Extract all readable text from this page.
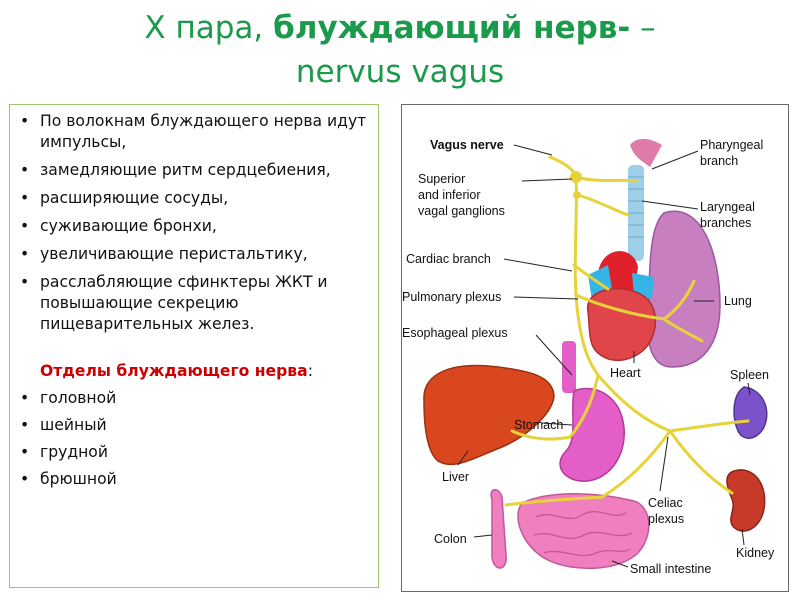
X пара, блуждающий нерв- –
nervus vagus
• По волокнам блуждающего нерва идут импульсы,
• замедляющие ритм сердцебиения,
• расширяющие сосуды,
• суживающие бронхи,
• увеличивающие перистальтику,
• расслабляющие сфинктеры ЖКТ и повышающие секрецию пищеварительных желез.
Отделы блуждающего нерва:
• головной
• шейный
• грудной
• брюшной
Vagus nerve
Superior
and inferior
vagal ganglions
Pharyngeal
branch
Laryngeal
branches
Cardiac branch
Pulmonary plexus	Lung
Esophageal plexus
Heart	Spleen
Stomach
Liver
Celiac
plexus
Kidney
Colon
Small intestine
